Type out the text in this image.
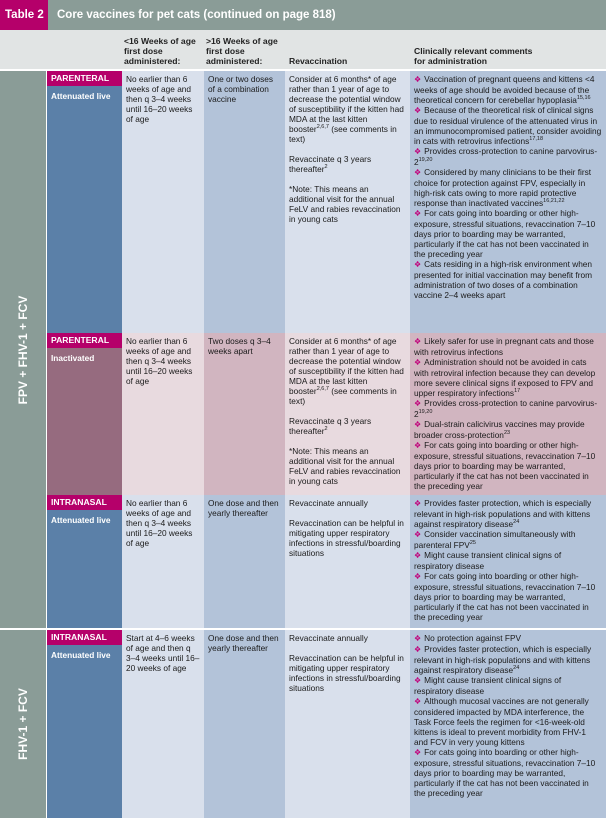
Table 2	Core vaccines for pet cats (continued on page 818)
<16 Weeks of age first dose administered:
>16 Weeks of age first dose administered:	Revaccination
Clinically relevant comments for administration
FPV + FHV-1 + FCV
FHV-1 + FCV
PARENTERAL
Attenuated live
No earlier than 6 weeks of age and then q 3–4 weeks until 16–20 weeks of age
One or two doses of a combination vaccine

Consider at 6 months* of age rather than 1 year of age to decrease the potential window of susceptibility if the kitten had MDA at the last kitten booster$^{2,6,7}$ (see comments in text)

Revaccinate q 3 years thereafter$^2$

*Note: This means an additional visit for the annual FeLV and rabies revaccination in young cats

❖ Vaccination of pregnant queens and kittens <4 weeks of age should be avoided because of the theoretical concern for cerebellar hypoplasia$^{15,16}$
❖ Because of the theoretical risk of clinical signs due to residual virulence of the attenuated virus in an immunocompromised patient, consider avoiding in cats with retrovirus infections$^{17,18}$
❖ Provides cross-protection to canine parvovirus-2$^{19,20}$
❖ Considered by many clinicians to be their first choice for protection against FPV, especially in high-risk cats owing to more rapid protective response than inactivated vaccines$^{16,21,22}$
❖ For cats going into boarding or other high-exposure, stressful situations, revaccination 7–10 days prior to boarding may be warranted, particularly if the cat has not been vaccinated in the preceding year
❖ Cats residing in a high-risk environment when presented for initial vaccination may benefit from administration of two doses of a combination vaccine 2–4 weeks apart
PARENTERAL
Inactivated
No earlier than 6 weeks of age and then q 3–4 weeks until 16–20 weeks of age
Two doses q 3–4 weeks apart

Consider at 6 months* of age rather than 1 year of age to decrease the potential window of susceptibility if the kitten had MDA at the last kitten booster$^{2,6,7}$ (see comments in text)

Revaccinate q 3 years thereafter$^2$

*Note: This means an additional visit for the annual FeLV and rabies revaccination in young cats

❖ Likely safer for use in pregnant cats and those with retrovirus infections
❖ Administration should not be avoided in cats with retroviral infection because they can develop more severe clinical signs if exposed to FPV and upper respiratory infections$^{17}$
❖ Provides cross-protection to canine parvovirus-2$^{19,20}$
❖ Dual-strain calicivirus vaccines may provide broader cross-protection$^{23}$
❖ For cats going into boarding or other high-exposure, stressful situations, revaccination 7–10 days prior to boarding may be warranted, particularly if the cat has not been vaccinated in the preceding year
INTRANASAL
Attenuated live
No earlier than 6 weeks of age and then q 3–4 weeks until 16–20 weeks of age
One dose and then yearly thereafter

Revaccinate annually

Revaccination can be helpful in mitigating upper respiratory infections in stressful/boarding situations

❖ Provides faster protection, which is especially relevant in high-risk populations and with kittens against respiratory disease$^{24}$
❖ Consider vaccination simultaneously with parenteral FPV$^{25}$
❖ Might cause transient clinical signs of respiratory disease
❖ For cats going into boarding or other high-exposure, stressful situations, revaccination 7–10 days prior to boarding may be warranted, particularly if the cat has not been vaccinated in the preceding year
INTRANASAL
Attenuated live
Start at 4–6 weeks of age and then q 3–4 weeks until 16–20 weeks of age
One dose and then yearly thereafter

Revaccinate annually

Revaccination can be helpful in mitigating upper respiratory infections in stressful/boarding situations

❖ No protection against FPV
❖ Provides faster protection, which is especially relevant in high-risk populations and with kittens against respiratory disease$^{24}$
❖ Might cause transient clinical signs of respiratory disease
❖ Although mucosal vaccines are not generally considered impacted by MDA interference, the Task Force feels the regimen for <16-week-old kittens is ideal to prevent morbidity from FHV-1 and FCV in very young kittens
❖ For cats going into boarding or other high-exposure, stressful situations, revaccination 7–10 days prior to boarding may be warranted, particularly if the cat has not been vaccinated in the preceding year
